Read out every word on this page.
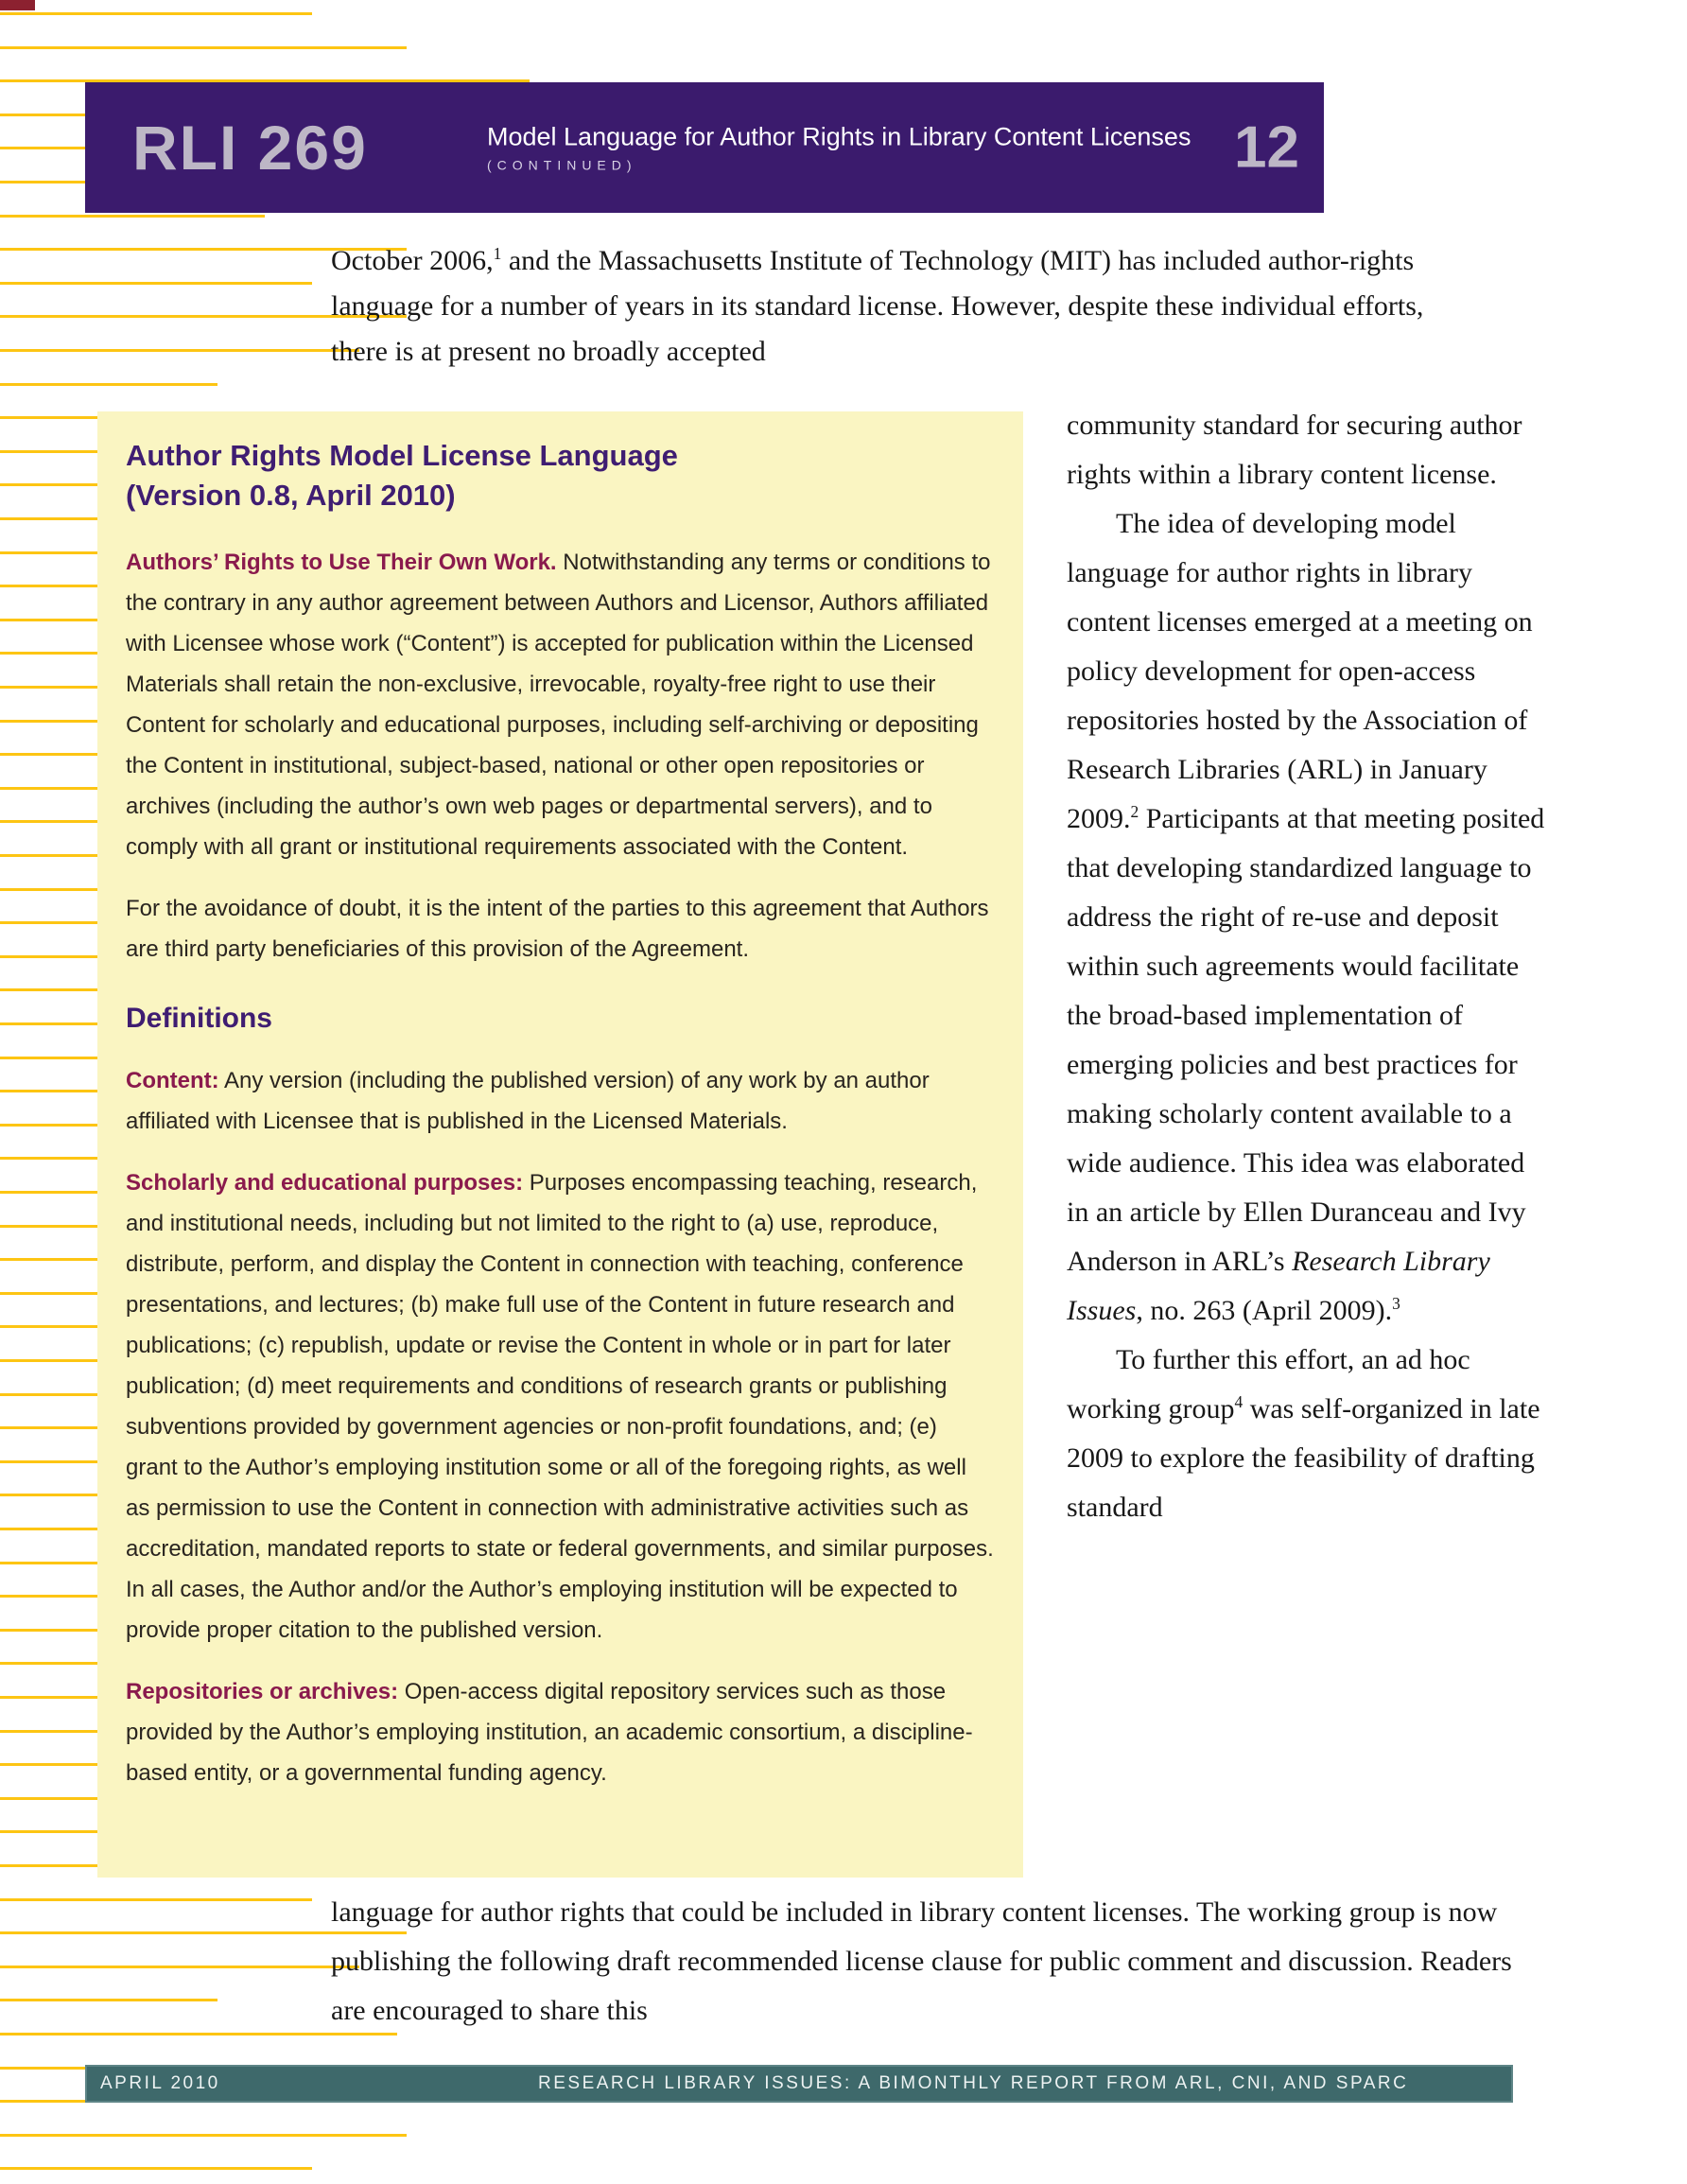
RLI 269	Model Language for Author Rights in Library Content Licenses
(CONTINUED)	12

October 2006,$^1$ and the Massachusetts Institute of Technology (MIT) has included author-rights language for a number of years in its standard license. However, despite these individual efforts, there is at present no broadly accepted

Author Rights Model License Language
(Version 0.8, April 2010)

Authors’ Rights to Use Their Own Work. Notwithstanding any terms or conditions to the contrary in any author agreement between Authors and Licensor, Authors affiliated with Licensee whose work (“Content”) is accepted for publication within the Licensed Materials shall retain the non-exclusive, irrevocable, royalty-free right to use their Content for scholarly and educational purposes, including self-archiving or depositing the Content in institutional, subject-based, national or other open repositories or archives (including the author’s own web pages or departmental servers), and to comply with all grant or institutional requirements associated with the Content.

For the avoidance of doubt, it is the intent of the parties to this agreement that Authors are third party beneficiaries of this provision of the Agreement.

Definitions

Content: Any version (including the published version) of any work by an author affiliated with Licensee that is published in the Licensed Materials.

Scholarly and educational purposes: Purposes encompassing teaching, research, and institutional needs, including but not limited to the right to (a) use, reproduce, distribute, perform, and display the Content in connection with teaching, conference presentations, and lectures; (b) make full use of the Content in future research and publications; (c) republish, update or revise the Content in whole or in part for later publication; (d) meet requirements and conditions of research grants or publishing subventions provided by government agencies or non-profit foundations, and; (e) grant to the Author’s employing institution some or all of the foregoing rights, as well as permission to use the Content in connection with administrative activities such as accreditation, mandated reports to state or federal governments, and similar purposes. In all cases, the Author and/or the Author’s employing institution will be expected to provide proper citation to the published version.

Repositories or archives: Open-access digital repository services such as those provided by the Author’s employing institution, an academic consortium, a discipline-based entity, or a governmental funding agency.

community standard for securing author rights within a library content license.

The idea of developing model language for author rights in library content licenses emerged at a meeting on policy development for open-access repositories hosted by the Association of Research Libraries (ARL) in January 2009.$^2$ Participants at that meeting posited that developing standardized language to address the right of re-use and deposit within such agreements would facilitate the broad-based implementation of emerging policies and best practices for making scholarly content available to a wide audience. This idea was elaborated in an article by Ellen Duranceau and Ivy Anderson in ARL’s Research Library Issues, no. 263 (April 2009).$^3$

To further this effort, an ad hoc working group$^4$ was self-organized in late 2009 to explore the feasibility of drafting standard

language for author rights that could be included in library content licenses. The working group is now publishing the following draft recommended license clause for public comment and discussion. Readers are encouraged to share this

APRIL 2010	RESEARCH LIBRARY ISSUES: A BIMONTHLY REPORT FROM ARL, CNI, AND SPARC
